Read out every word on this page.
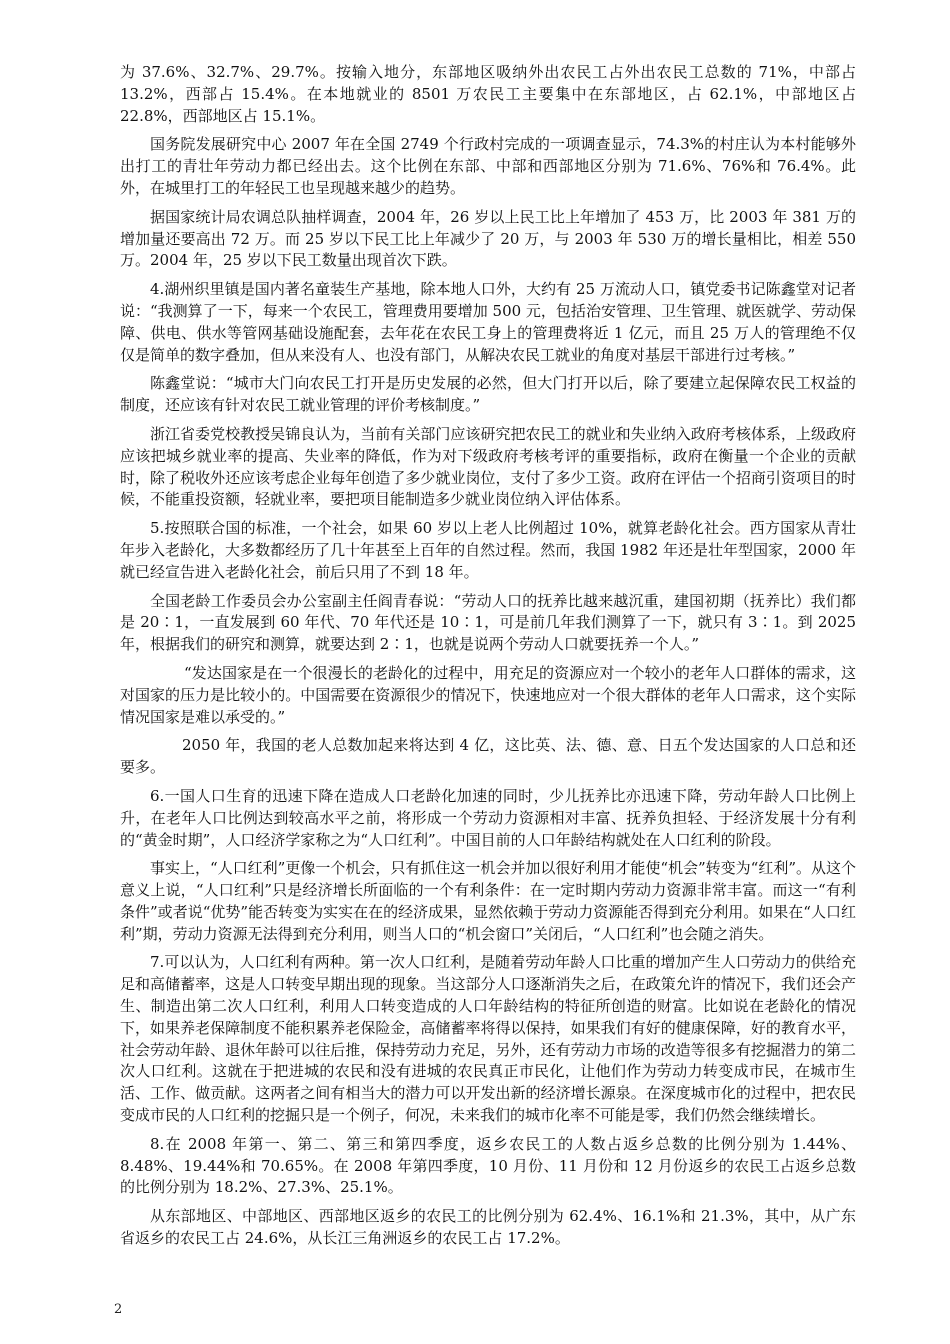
为 37.6%、32.7%、29.7%。按输入地分，东部地区吸纳外出农民工占外出农民工总数的 71%，中部占 13.2%，西部占 15.4%。在本地就业的 8501 万农民工主要集中在东部地区，占 62.1%，中部地区占 22.8%，西部地区占 15.1%。

国务院发展研究中心 2007 年在全国 2749 个行政村完成的一项调查显示，74.3%的村庄认为本村能够外出打工的青壮年劳动力都已经出去。这个比例在东部、中部和西部地区分别为 71.6%、76%和 76.4%。此外，在城里打工的年轻民工也呈现越来越少的趋势。

据国家统计局农调总队抽样调查，2004 年，26 岁以上民工比上年增加了 453 万，比 2003 年 381 万的增加量还要高出 72 万。而 25 岁以下民工比上年减少了 20 万，与 2003 年 530 万的增长量相比，相差 550 万。2004 年，25 岁以下民工数量出现首次下跌。

4.湖州织里镇是国内著名童装生产基地，除本地人口外，大约有 25 万流动人口，镇党委书记陈鑫堂对记者说：“我测算了一下，每来一个农民工，管理费用要增加 500 元，包括治安管理、卫生管理、就医就学、劳动保障、供电、供水等管网基础设施配套，去年花在农民工身上的管理费将近 1 亿元，而且 25 万人的管理绝不仅仅是简单的数字叠加，但从来没有人、也没有部门，从解决农民工就业的角度对基层干部进行过考核。”

陈鑫堂说：“城市大门向农民工打开是历史发展的必然，但大门打开以后，除了要建立起保障农民工权益的制度，还应该有针对农民工就业管理的评价考核制度。”

浙江省委党校教授吴锦良认为，当前有关部门应该研究把农民工的就业和失业纳入政府考核体系，上级政府应该把城乡就业率的提高、失业率的降低，作为对下级政府考核考评的重要指标，政府在衡量一个企业的贡献时，除了税收外还应该考虑企业每年创造了多少就业岗位，支付了多少工资。政府在评估一个招商引资项目的时候，不能重投资额，轻就业率，要把项目能制造多少就业岗位纳入评估体系。

5.按照联合国的标准，一个社会，如果 60 岁以上老人比例超过 10%，就算老龄化社会。西方国家从青壮年步入老龄化，大多数都经历了几十年甚至上百年的自然过程。然而，我国 1982 年还是壮年型国家，2000 年就已经宣告进入老龄化社会，前后只用了不到 18 年。

全国老龄工作委员会办公室副主任阎青春说：“劳动人口的抚养比越来越沉重，建国初期（抚养比）我们都是 20∶1，一直发展到 60 年代、70 年代还是 10∶1，可是前几年我们测算了一下，就只有 3∶1。到 2025 年，根据我们的研究和测算，就要达到 2∶1，也就是说两个劳动人口就要抚养一个人。”

“发达国家是在一个很漫长的老龄化的过程中，用充足的资源应对一个较小的老年人口群体的需求，这对国家的压力是比较小的。中国需要在资源很少的情况下，快速地应对一个很大群体的老年人口需求，这个实际情况国家是难以承受的。”

2050 年，我国的老人总数加起来将达到 4 亿，这比英、法、德、意、日五个发达国家的人口总和还要多。

6.一国人口生育的迅速下降在造成人口老龄化加速的同时，少儿抚养比亦迅速下降，劳动年龄人口比例上升，在老年人口比例达到较高水平之前，将形成一个劳动力资源相对丰富、抚养负担轻、于经济发展十分有利的“黄金时期”，人口经济学家称之为“人口红利”。中国目前的人口年龄结构就处在人口红利的阶段。

事实上，“人口红利”更像一个机会，只有抓住这一机会并加以很好利用才能使“机会”转变为“红利”。从这个意义上说，“人口红利”只是经济增长所面临的一个有利条件：在一定时期内劳动力资源非常丰富。而这一“有利条件”或者说“优势”能否转变为实实在在的经济成果，显然依赖于劳动力资源能否得到充分利用。如果在“人口红利”期，劳动力资源无法得到充分利用，则当人口的“机会窗口”关闭后，“人口红利”也会随之消失。

7.可以认为，人口红利有两种。第一次人口红利，是随着劳动年龄人口比重的增加产生人口劳动力的供给充足和高储蓄率，这是人口转变早期出现的现象。当这部分人口逐渐消失之后，在政策允许的情况下，我们还会产生、制造出第二次人口红利，利用人口转变造成的人口年龄结构的特征所创造的财富。比如说在老龄化的情况下，如果养老保障制度不能积累养老保险金，高储蓄率将得以保持，如果我们有好的健康保障，好的教育水平，社会劳动年龄、退休年龄可以往后推，保持劳动力充足，另外，还有劳动力市场的改造等很多有挖掘潜力的第二次人口红利。这就在于把进城的农民和没有进城的农民真正市民化，让他们作为劳动力转变成市民，在城市生活、工作、做贡献。这两者之间有相当大的潜力可以开发出新的经济增长源泉。在深度城市化的过程中，把农民变成市民的人口红利的挖掘只是一个例子，何况，未来我们的城市化率不可能是零，我们仍然会继续增长。

8.在 2008 年第一、第二、第三和第四季度，返乡农民工的人数占返乡总数的比例分别为 1.44%、8.48%、19.44%和 70.65%。在 2008 年第四季度，10 月份、11 月份和 12 月份返乡的农民工占返乡总数的比例分别为 18.2%、27.3%、25.1%。

从东部地区、中部地区、西部地区返乡的农民工的比例分别为 62.4%、16.1%和 21.3%，其中，从广东省返乡的农民工占 24.6%，从长江三角洲返乡的农民工占 17.2%。

2
